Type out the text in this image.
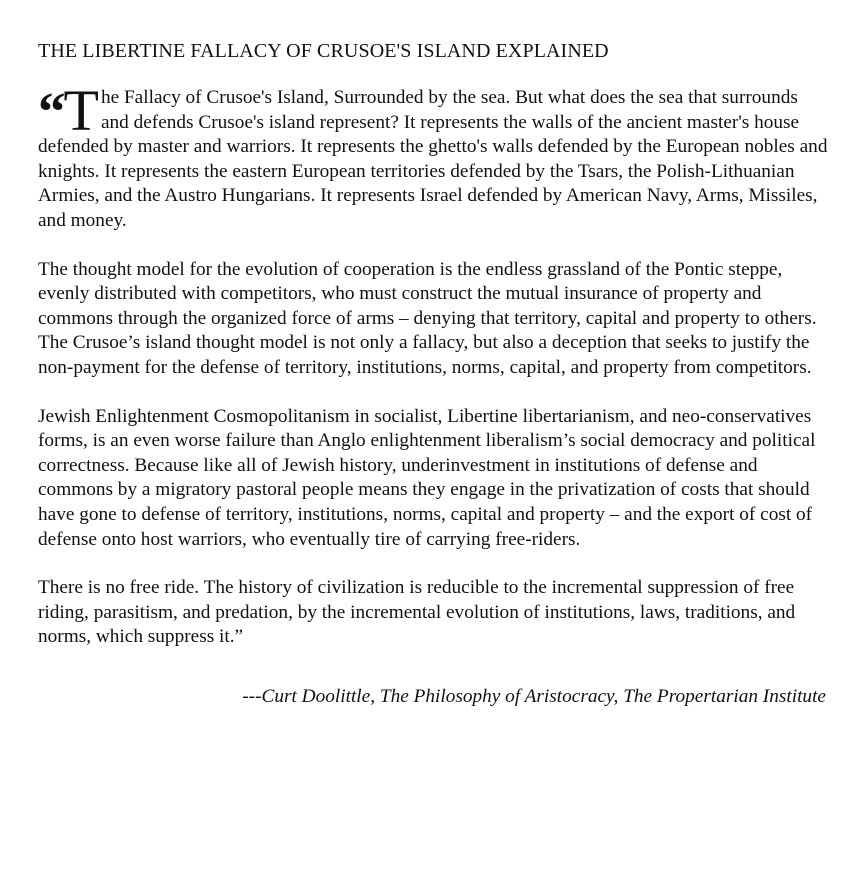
THE LIBERTINE FALLACY OF CRUSOE'S ISLAND EXPLAINED

“T he Fallacy of Crusoe's Island, Surrounded by the sea. But what does the sea that surrounds and defends Crusoe's island represent? It represents the walls of the ancient master's house defended by master and warriors. It represents the ghetto's walls defended by the European nobles and knights. It represents the eastern European territories defended by the Tsars, the Polish-Lithuanian Armies, and the Austro Hungarians. It represents Israel defended by American Navy, Arms, Missiles, and money.

The thought model for the evolution of cooperation is the endless grassland of the Pontic steppe, evenly distributed with competitors, who must construct the mutual insurance of property and commons through the organized force of arms – denying that territory, capital and property to others. The Crusoe’s island thought model is not only a fallacy, but also a deception that seeks to justify the non-payment for the defense of territory, institutions, norms, capital, and property from competitors.

Jewish Enlightenment Cosmopolitanism in socialist, Libertine libertarianism, and neo-conservatives forms, is an even worse failure than Anglo enlightenment liberalism’s social democracy and political correctness. Because like all of Jewish history, underinvestment in institutions of defense and commons by a migratory pastoral people means they engage in the privatization of costs that should have gone to defense of territory, institutions, norms, capital and property – and the export of cost of defense onto host warriors, who eventually tire of carrying free-riders.

There is no free ride. The history of civilization is reducible to the incremental suppression of free riding, parasitism, and predation, by the incremental evolution of institutions, laws, traditions, and norms, which suppress it.”

---Curt Doolittle, The Philosophy of Aristocracy, The Propertarian Institute
